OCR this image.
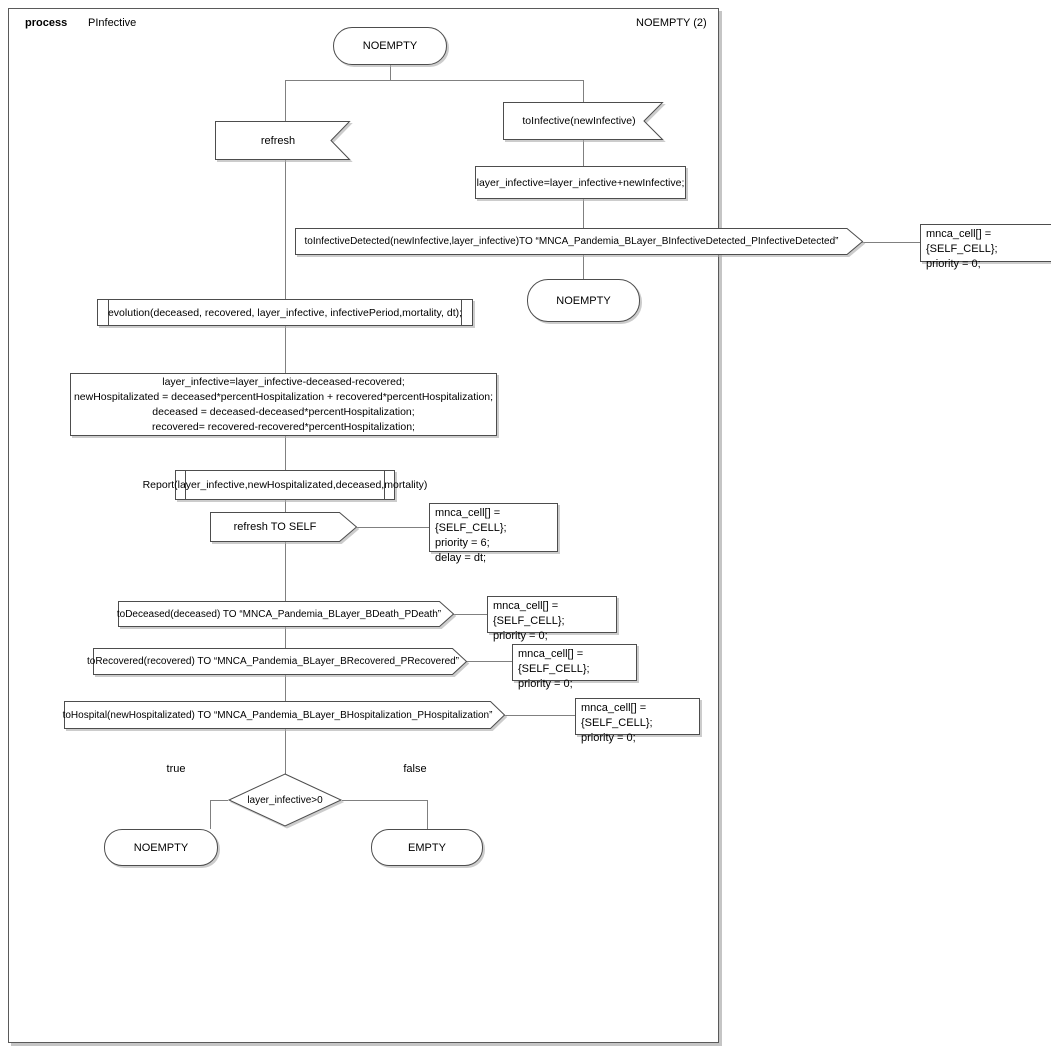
process PInfective	NOEMPTY (2)
NOEMPTY
refresh
toInfective(newInfective)
layer_infective=layer_infective+newInfective;
toInfectiveDetected(newInfective,layer_infective)TO “MNCA_Pandemia_BLayer_BInfectiveDetected_PInfectiveDetected”
mnca_cell[] = {SELF_CELL};
priority = 0;
NOEMPTY
evolution(deceased, recovered, layer_infective, infectivePeriod,mortality, dt);
layer_infective=layer_infective-deceased-recovered;
newHospitalizated = deceased*percentHospitalization + recovered*percentHospitalization;
deceased = deceased-deceased*percentHospitalization;
recovered= recovered-recovered*percentHospitalization;
Report(layer_infective,newHospitalizated,deceased,mortality)
refresh TO SELF
mnca_cell[] = {SELF_CELL};
priority = 6;
delay = dt;
toDeceased(deceased) TO “MNCA_Pandemia_BLayer_BDeath_PDeath”
mnca_cell[] = {SELF_CELL};
priority = 0;
toRecovered(recovered) TO “MNCA_Pandemia_BLayer_BRecovered_PRecovered”
mnca_cell[] = {SELF_CELL};
priority = 0;
toHospital(newHospitalizated) TO “MNCA_Pandemia_BLayer_BHospitalization_PHospitalization”
mnca_cell[] = {SELF_CELL};
priority = 0;
layer_infective>0
true	false
NOEMPTY	EMPTY
